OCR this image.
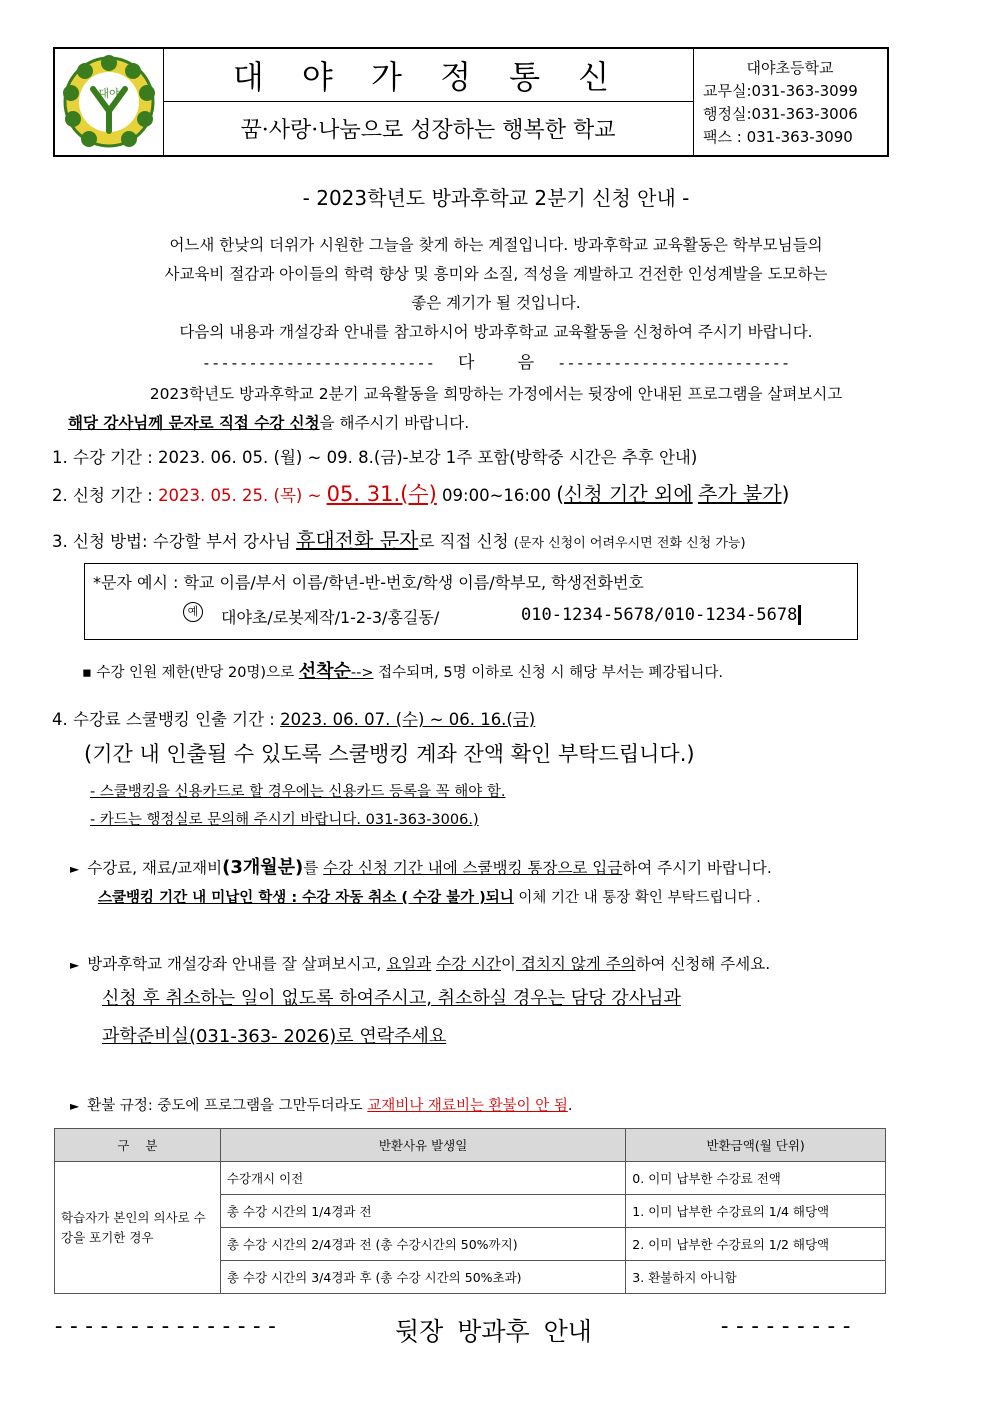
대야	대 야 가 정 통 신
꿈·사랑·나눔으로 성장하는 행복한 학교
대야초등학교
교무실:031-363-3099
행정실:031-363-3006
팩스 : 031-363-3090
- 2023학년도 방과후학교 2분기 신청 안내 -
어느새 한낮의 더위가 시원한 그늘을 찾게 하는 계절입니다. 방과후학교 교육활동은 학부모님들의
사교육비 절감과 아이들의 학력 향상 및 흥미와 소질, 적성을 계발하고 건전한 인성계발을 도모하는
좋은 계기가 될 것입니다.
다음의 내용과 개설강좌 안내를 참고하시어 방과후학교 교육활동을 신청하여 주시기 바랍니다.
------------------------- 다        음 -------------------------
2023학년도 방과후학교 2분기 교육활동을 희망하는 가정에서는 뒷장에 안내된 프로그램을 살펴보시고
해당 강사님께 문자로 직접 수강 신청을 해주시기 바랍니다.
1. 수강 기간 : 2023. 06. 05. (월) ~ 09. 8.(금)-보강 1주 포함(방학중 시간은 추후 안내)
2. 신청 기간 : 2023. 05. 25. (목) ~ 05. 31.(수) 09:00~16:00 (신청 기간 외에 추가 불가)
3. 신청 방법: 수강할 부서 강사님 휴대전화 문자로 직접 신청 (문자 신청이 어려우시면 전화 신청 가능)
*문자 예시 : 학교 이름/부서 이름/학년-반-번호/학생 이름/학부모, 학생전화번호
예 대야초/로봇제작/1-2-3/홍길동/	010-1234-5678/010-1234-5678
▪ 수강 인원 제한(반당 20명)으로 선착순--> 접수되며, 5명 이하로 신청 시 해당 부서는 폐강됩니다.
4. 수강료 스쿨뱅킹 인출 기간 : 2023. 06. 07. (수) ~ 06. 16.(금)
(기간 내 인출될 수 있도록 스쿨뱅킹 계좌 잔액 확인 부탁드립니다.)
- 스쿨뱅킹을 신용카드로 할 경우에는 신용카드 등록을 꼭 해야 함.
- 카드는 행정실로 문의해 주시기 바랍니다. 031-363-3006.)
► 수강료, 재료/교재비(3개월분)를 수강 신청 기간 내에 스쿨뱅킹 통장으로 입금하여 주시기 바랍니다.
스쿨뱅킹 기간 내 미납인 학생 : 수강 자동 취소 ( 수강 불가 )되니 이체 기간 내 통장 확인 부탁드립니다 .
► 방과후학교 개설강좌 안내를 잘 살펴보시고, 요일과 수강 시간이 겹치지 않게 주의하여 신청해 주세요.
신청 후 취소하는 일이 없도록 하여주시고, 취소하실 경우는 담당 강사님과
과학준비실(031-363- 2026)로 연락주세요
► 환불 규정: 중도에 프로그램을 그만두더라도 교재비나 재료비는 환불이 안 됨.
구    분	반환사유 발생일	반환금액(월 단위)
학습자가 본인의 의사로 수강을 포기한 경우	수강개시 이전	0. 이미 납부한 수강료 전액
	총 수강 시간의 1/4경과 전	1. 이미 납부한 수강료의 1/4 해당액
	총 수강 시간의 2/4경과 전 (총 수강시간의 50%까지)	2. 이미 납부한 수강료의 1/2 해당액
	총 수강 시간의 3/4경과 후 (총 수강 시간의 50%초과)	3. 환불하지 아니함
---------------	뒷장 방과후 안내	---------
